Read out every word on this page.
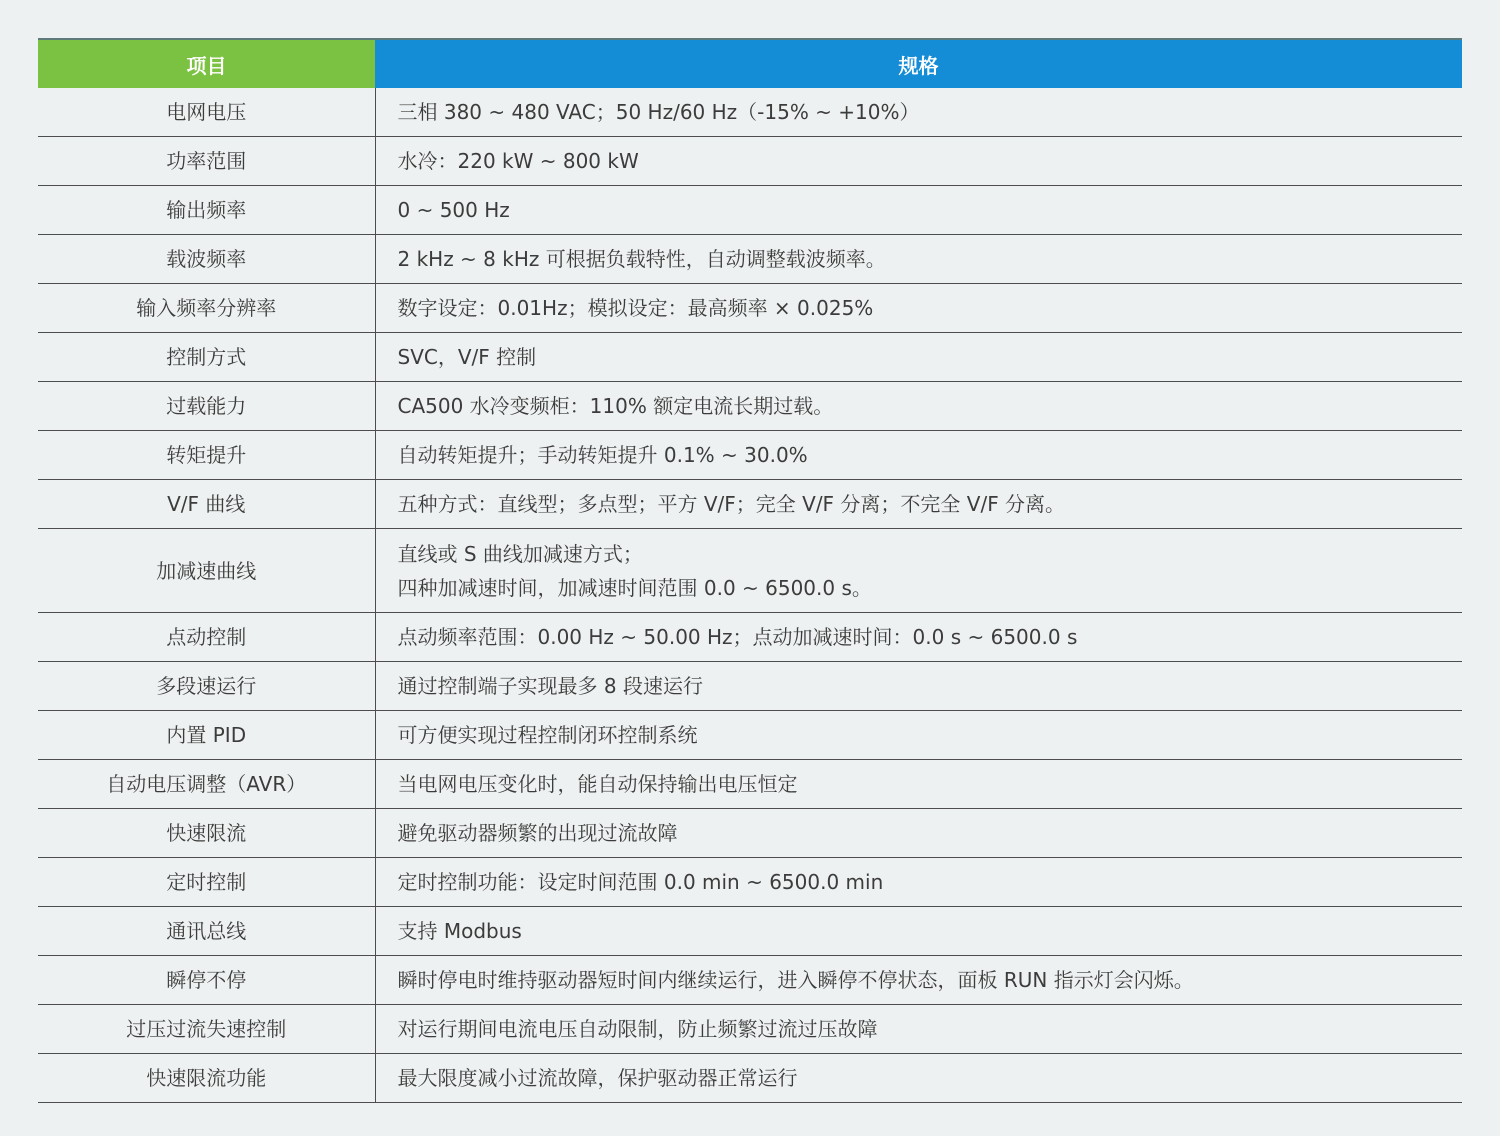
项目	规格
电网电压	三相 380 ~ 480 VAC；50 Hz/60 Hz（-15% ~ +10%）

功率范围	水冷：220 kW ~ 800 kW

输出频率	0 ~ 500 Hz

载波频率	2 kHz ~ 8 kHz 可根据负载特性，自动调整载波频率。

输入频率分辨率	数字设定：0.01Hz；模拟设定：最高频率 × 0.025%

控制方式	SVC，V/F 控制

过载能力	CA500 水冷变频柜：110% 额定电流长期过载。

转矩提升	自动转矩提升；手动转矩提升 0.1% ~ 30.0%

V/F 曲线	五种方式：直线型；多点型；平方 V/F；完全 V/F 分离；不完全 V/F 分离。

加减速曲线	直线或 S 曲线加减速方式；
四种加减速时间，加减速时间范围 0.0 ~ 6500.0 s。

点动控制	点动频率范围：0.00 Hz ~ 50.00 Hz；点动加减速时间：0.0 s ~ 6500.0 s

多段速运行	通过控制端子实现最多 8 段速运行

内置 PID	可方便实现过程控制闭环控制系统

自动电压调整（AVR）	当电网电压变化时，能自动保持输出电压恒定

快速限流	避免驱动器频繁的出现过流故障

定时控制	定时控制功能：设定时间范围 0.0 min ~ 6500.0 min

通讯总线	支持 Modbus

瞬停不停	瞬时停电时维持驱动器短时间内继续运行，进入瞬停不停状态，面板 RUN 指示灯会闪烁。

过压过流失速控制	对运行期间电流电压自动限制，防止频繁过流过压故障

快速限流功能	最大限度减小过流故障，保护驱动器正常运行
